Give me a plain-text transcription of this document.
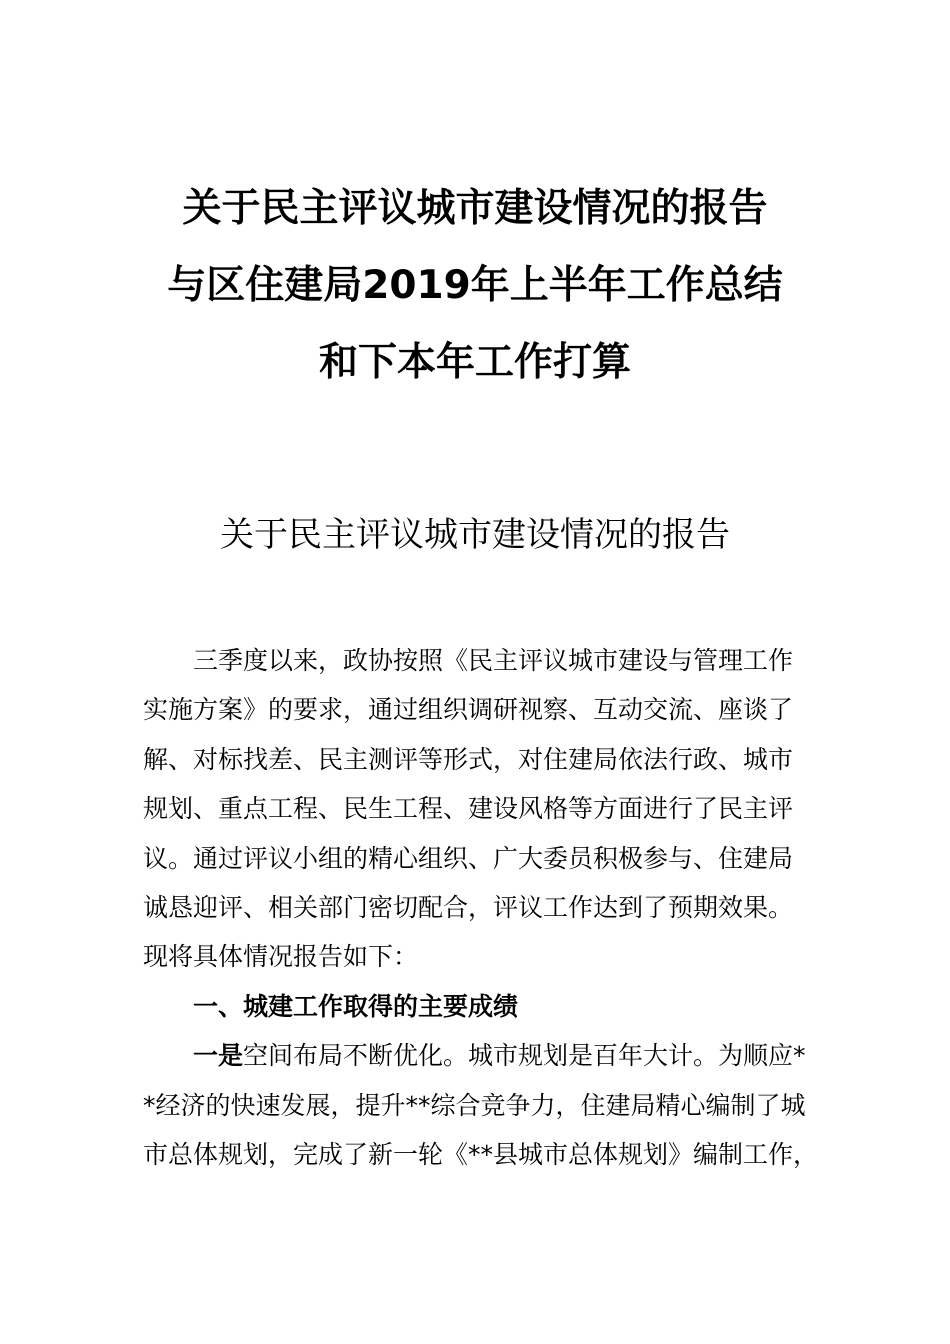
关于民主评议城市建设情况的报告
与区住建局2019年上半年工作总结
和下本年工作打算
关于民主评议城市建设情况的报告

三季度以来，政协按照《民主评议城市建设与管理工作
实施方案》的要求，通过组织调研视察、互动交流、座谈了
解、对标找差、民主测评等形式，对住建局依法行政、城市
规划、重点工程、民生工程、建设风格等方面进行了民主评
议。通过评议小组的精心组织、广大委员积极参与、住建局
诚恳迎评、相关部门密切配合，评议工作达到了预期效果。
现将具体情况报告如下：

一、城建工作取得的主要成绩

一是空间布局不断优化。城市规划是百年大计。为顺应*
*经济的快速发展，提升**综合竞争力，住建局精心编制了城
市总体规划，完成了新一轮《**县城市总体规划》编制工作，
